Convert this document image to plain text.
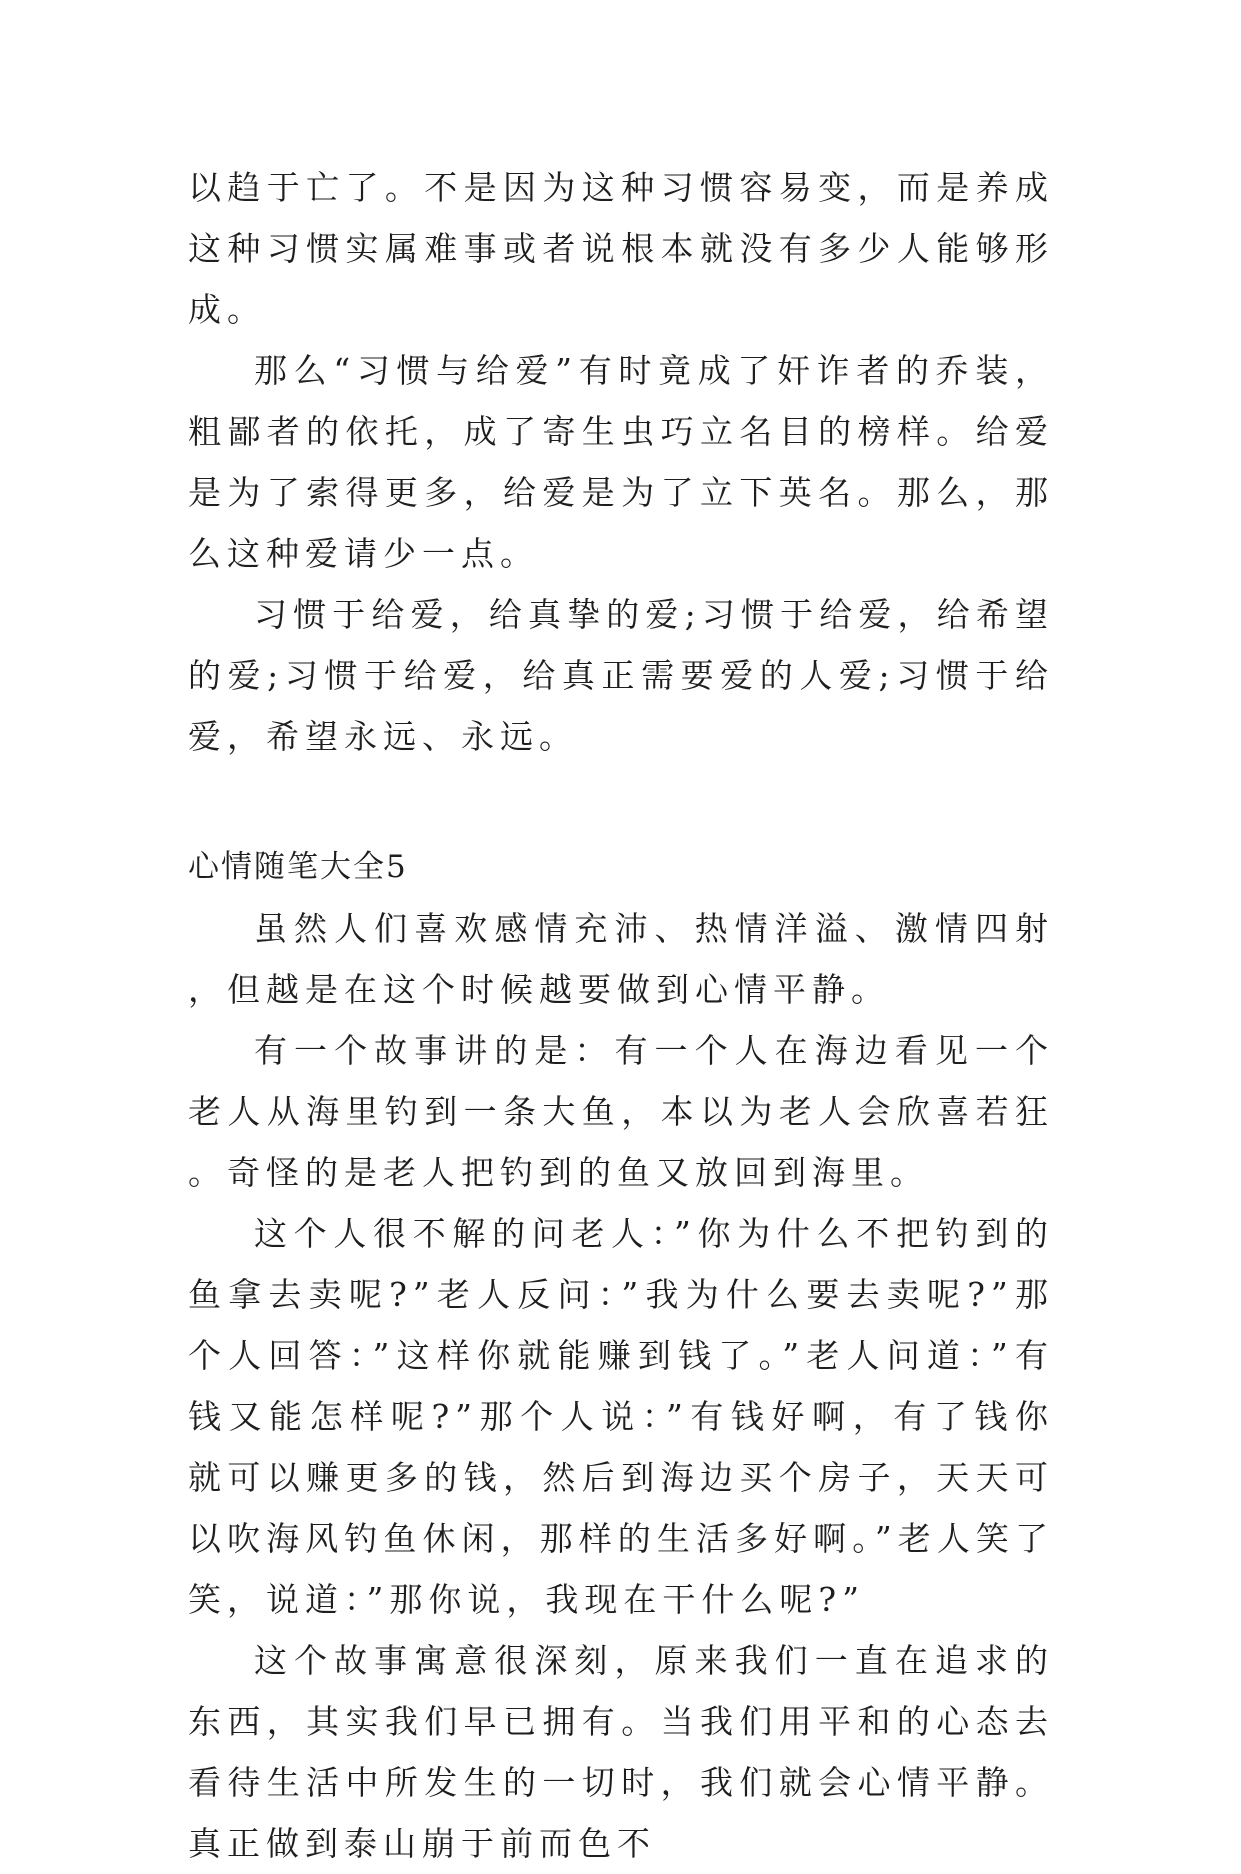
以趋于亡了。不是因为这种习惯容易变，而是养成这种习惯实属难事或者说根本就没有多少人能够形成。

那么“习惯与给爱”有时竟成了奸诈者的乔装，粗鄙者的依托，成了寄生虫巧立名目的榜样。给爱是为了索得更多，给爱是为了立下英名。那么，那么这种爱请少一点。

习惯于给爱，给真挚的爱;习惯于给爱，给希望的爱;习惯于给爱，给真正需要爱的人爱;习惯于给爱，希望永远、永远。

心情随笔大全5

虽然人们喜欢感情充沛、热情洋溢、激情四射，但越是在这个时候越要做到心情平静。

有一个故事讲的是：有一个人在海边看见一个老人从海里钓到一条大鱼，本以为老人会欣喜若狂。奇怪的是老人把钓到的鱼又放回到海里。

这个人很不解的问老人：”你为什么不把钓到的鱼拿去卖呢?”老人反问：”我为什么要去卖呢?”那个人回答：”这样你就能赚到钱了。”老人问道：”有钱又能怎样呢?”那个人说：”有钱好啊，有了钱你就可以赚更多的钱，然后到海边买个房子，天天可以吹海风钓鱼休闲，那样的生活多好啊。”老人笑了笑，说道：”那你说，我现在干什么呢?”

这个故事寓意很深刻，原来我们一直在追求的东西，其实我们早已拥有。当我们用平和的心态去看待生活中所发生的一切时，我们就会心情平静。真正做到泰山崩于前而色不
